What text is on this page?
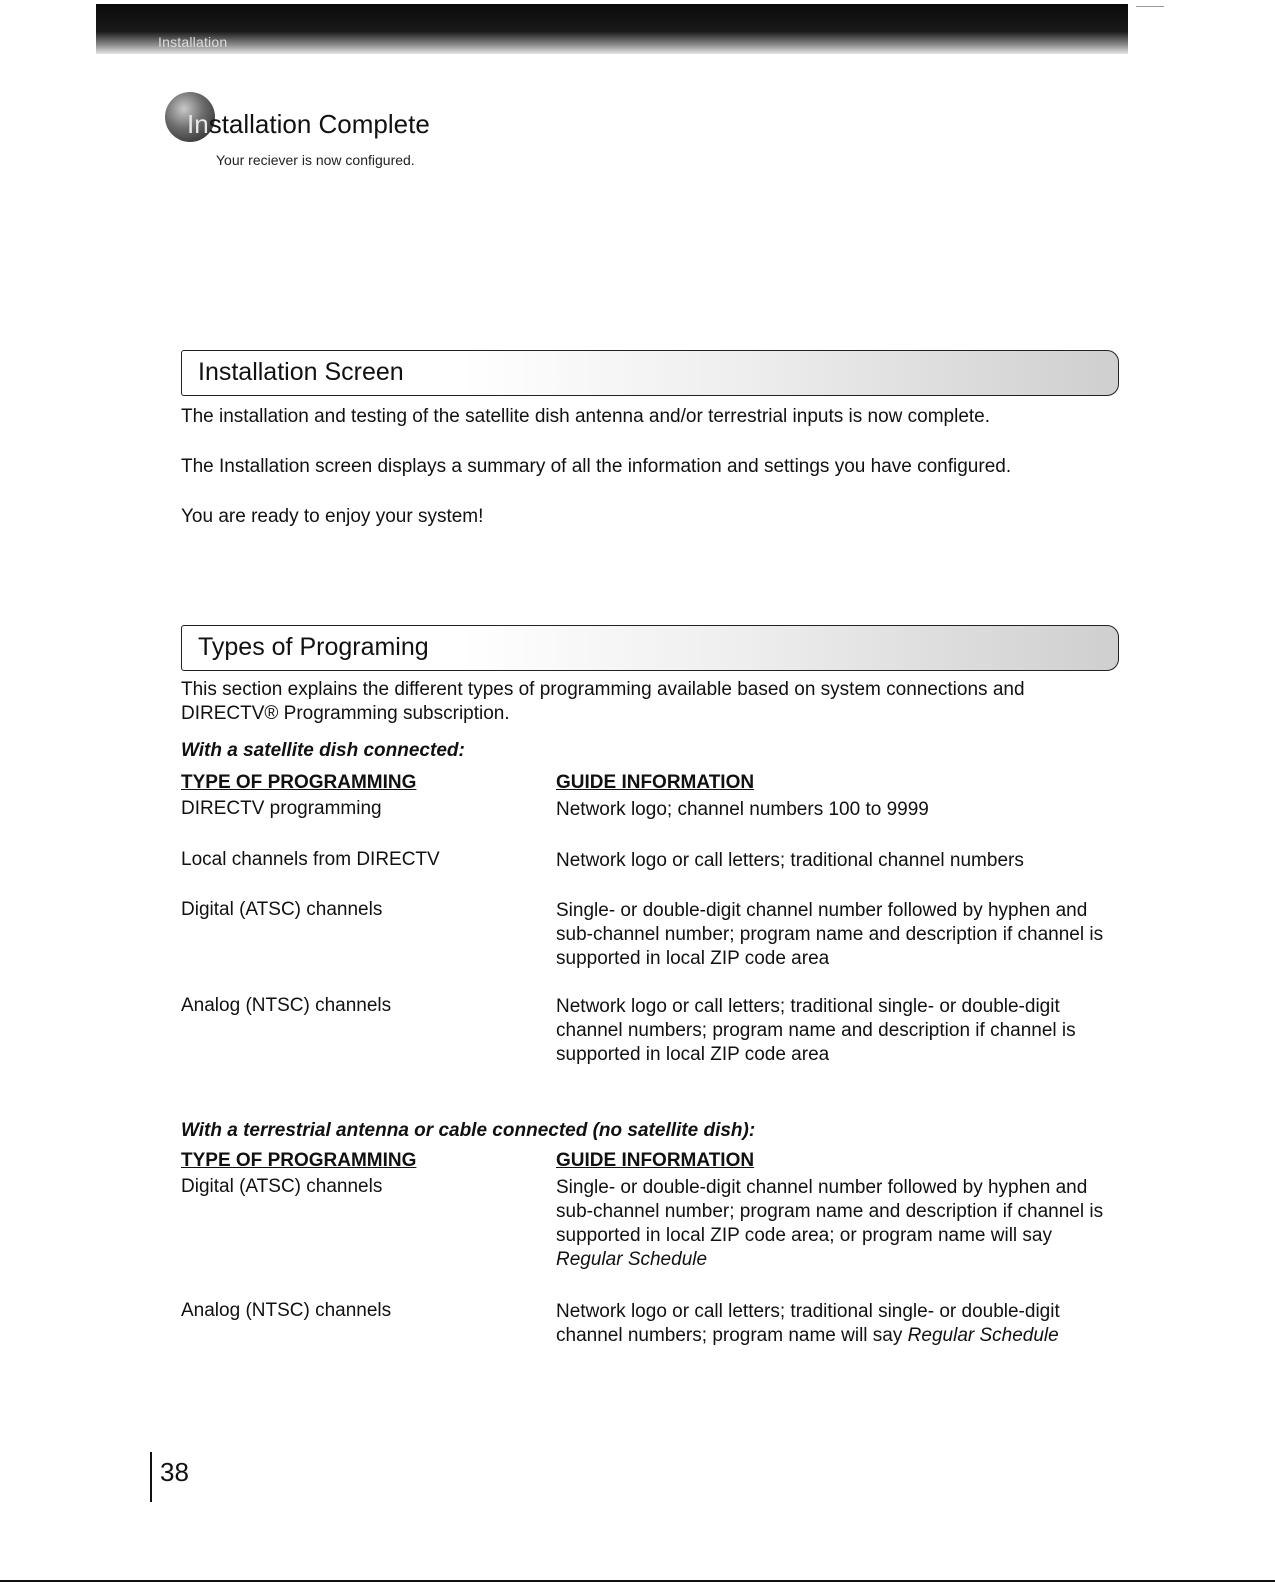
Installation
Installation Complete
Your reciever is now configured.
Installation Screen
The installation and testing of the satellite dish antenna and/or terrestrial inputs is now complete.
The Installation screen displays a summary of all the information and settings you have configured.
You are ready to enjoy your system!
Types of Programing
This section explains the different types of programming available based on system connections and DIRECTV® Programming subscription.
With a satellite dish connected:
TYPE OF PROGRAMMING	GUIDE INFORMATION
DIRECTV programming	Network logo; channel numbers 100 to 9999
Local channels from DIRECTV	Network logo or call letters; traditional channel numbers
Digital (ATSC) channels	Single- or double-digit channel number followed by hyphen and sub-channel number; program name and description if channel is supported in local ZIP code area
Analog (NTSC) channels	Network logo or call letters; traditional single- or double-digit channel numbers; program name and description if channel is supported in local ZIP code area
With a terrestrial antenna or cable connected (no satellite dish):
TYPE OF PROGRAMMING	GUIDE INFORMATION
Digital (ATSC) channels	Single- or double-digit channel number followed by hyphen and sub-channel number; program name and description if channel is supported in local ZIP code area; or program name will say Regular Schedule
Analog (NTSC) channels	Network logo or call letters; traditional single- or double-digit channel numbers; program name will say Regular Schedule
38
